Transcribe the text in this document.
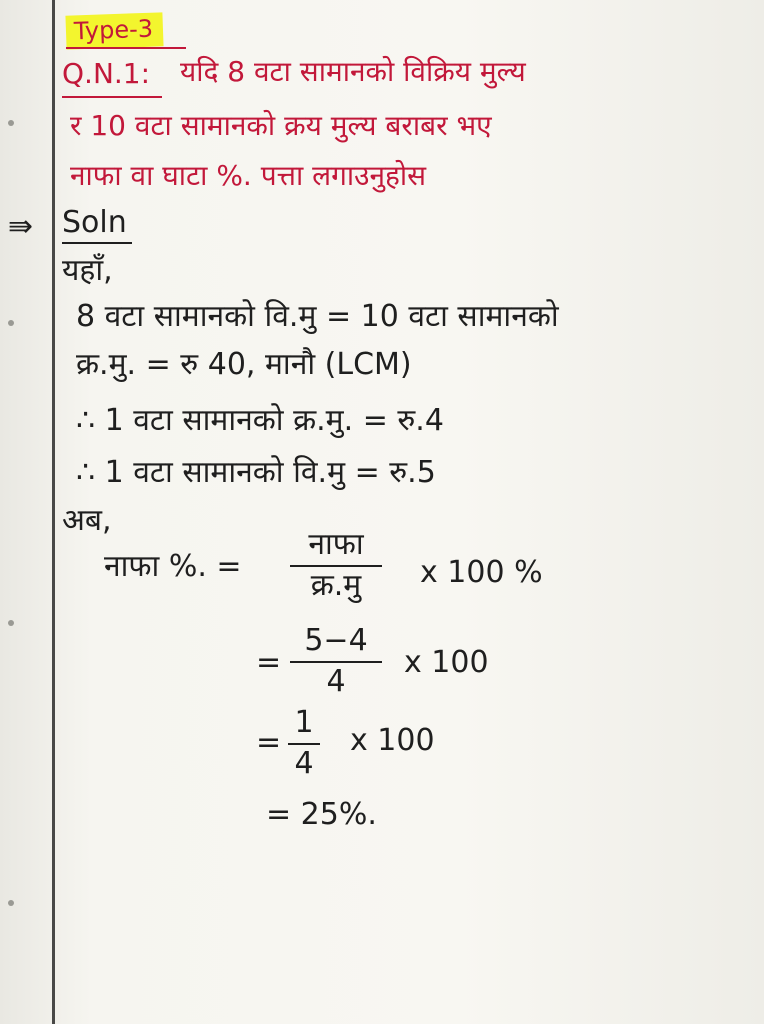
Type-3
Q.N.1: यदि 8 वटा सामानको विक्रिय मुल्य
र 10 वटा सामानको क्रय मुल्य बराबर भए
नाफा वा घाटा %. पत्ता लगाउनुहोस
⇛ Soln
यहाँ,
8 वटा सामानको वि.मु = 10 वटा सामानको
क्र.मु. = रु 40, मानौ (LCM)
∴ 1 वटा सामानको क्र.मु. = रु.4
∴ 1 वटा सामानको वि.मु = रु.5
अब,
नाफा %. =
नाफा
क्र.मु	x 100 %
=
5−4
4
x 100
=
1
4
x 100
= 25%.
